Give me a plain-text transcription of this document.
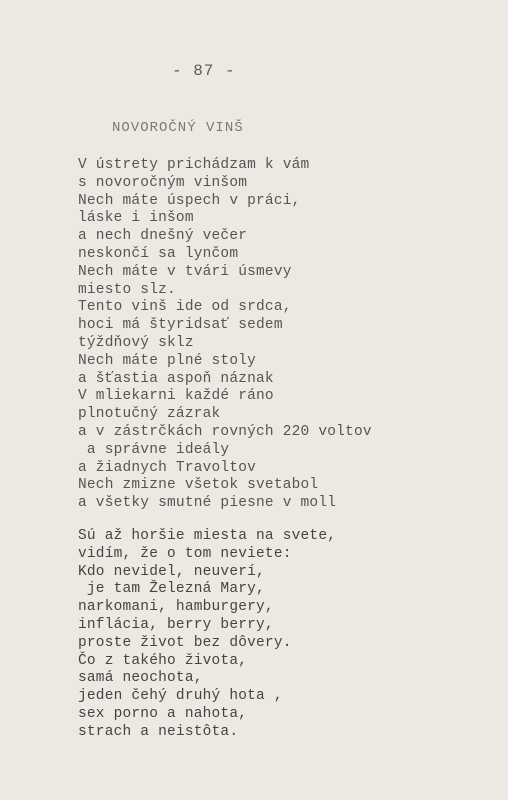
- 87 -
NOVOROČNÝ VINŠ
V ústrety prichádzam k vám
s novoročným vinšom
Nech máte úspech v práci,
láske i inšom
a nech dnešný večer
neskončí sa lynčom
Nech máte v tvári úsmevy
miesto slz.
Tento vinš ide od srdca,
hoci má štyridsať sedem
týždňový sklz
Nech máte plné stoly
a šťastia aspoň náznak
V mliekarni každé ráno
plnotučný zázrak
a v zástrčkách rovných 220 voltov
a správne ideály
a žiadnych Travoltov
Nech zmizne všetok svetabol
a všetky smutné piesne v moll
Sú až horšie miesta na svete,
vidím, že o tom neviete:
Kdo nevidel, neuverí,
je tam Železná Mary,
narkomani, hamburgery,
inflácia, berry berry,
proste život bez dôvery.
Čo z takého života,
samá neochota,
jeden čehý druhý hota ,
sex porno a nahota,
strach a neistôta.
